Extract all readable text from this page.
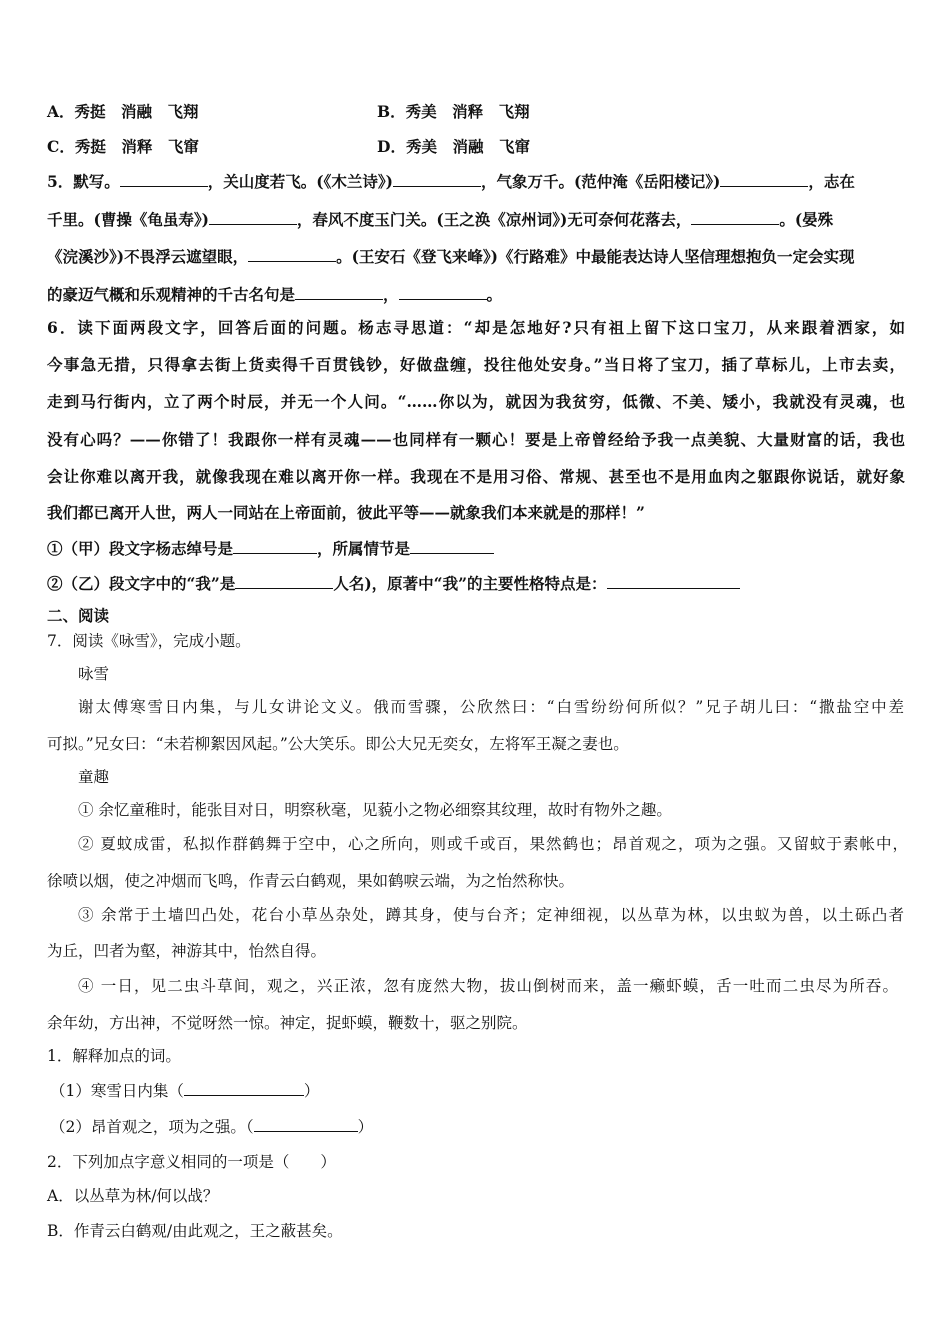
A．秀挺　消融　飞翔	B．秀美　消释　飞翔
C．秀挺　消释　飞窜	D．秀美　消融　飞窜
5．默写。	，关山度若飞。(《木兰诗》)	，气象万千。(范仲淹《岳阳楼记》)	，志在
千里。(曹操《龟虽寿》)	，春风不度玉门关。(王之涣《凉州词》)无可奈何花落去，	。(晏殊
《浣溪沙》)不畏浮云遮望眼，	。(王安石《登飞来峰》)《行路难》中最能表达诗人坚信理想抱负一定会实现
的豪迈气概和乐观精神的千古名句是	，	。
6．读下面两段文字，回答后面的问题。杨志寻思道：“却是怎地好?只有祖上留下这口宝刀，从来跟着洒家，如
今事急无措，只得拿去街上货卖得千百贯钱钞，好做盘缠，投往他处安身。”当日将了宝刀，插了草标儿，上市去卖，
走到马行街内，立了两个时辰，并无一个人问。“……你以为，就因为我贫穷，低微、不美、矮小，我就没有灵魂，也
没有心吗？——你错了！我跟你一样有灵魂——也同样有一颗心！要是上帝曾经给予我一点美貌、大量财富的话，我也
会让你难以离开我，就像我现在难以离开你一样。我现在不是用习俗、常规、甚至也不是用血肉之躯跟你说话，就好象
我们都已离开人世，两人一同站在上帝面前，彼此平等——就象我们本来就是的那样！”
①（甲）段文字杨志绰号是	，所属情节是
②（乙）段文字中的“我”是	人名)，原著中“我”的主要性格特点是：
二、阅读
7．阅读《咏雪》，完成小题。
咏雪
谢太傅寒雪日内集，与儿女讲论文义。俄而雪骤，公欣然曰：“白雪纷纷何所似？”兄子胡儿曰：“撒盐空中差
可拟。”兄女曰：“未若柳絮因风起。”公大笑乐。即公大兄无奕女，左将军王凝之妻也。
童趣
① 余忆童稚时，能张目对日，明察秋毫，见藐小之物必细察其纹理，故时有物外之趣。
② 夏蚊成雷，私拟作群鹤舞于空中，心之所向，则或千或百，果然鹤也；昂首观之，项为之强。又留蚊于素帐中，
徐喷以烟，使之冲烟而飞鸣，作青云白鹤观，果如鹤唳云端，为之怡然称快。
③ 余常于土墙凹凸处，花台小草丛杂处，蹲其身，使与台齐；定神细视，以丛草为林，以虫蚁为兽，以土砾凸者
为丘，凹者为壑，神游其中，怡然自得。
④ 一日，见二虫斗草间，观之，兴正浓，忽有庞然大物，拔山倒树而来，盖一癞虾蟆，舌一吐而二虫尽为所吞。
余年幼，方出神，不觉呀然一惊。神定，捉虾蟆，鞭数十，驱之别院。
1．解释加点的词。
（1）寒雪日内集（	）
（2）昂首观之，项为之强。（	）
2．下列加点字意义相同的一项是（　　）
A．以丛草为林/何以战？
B．作青云白鹤观/由此观之，王之蔽甚矣。
